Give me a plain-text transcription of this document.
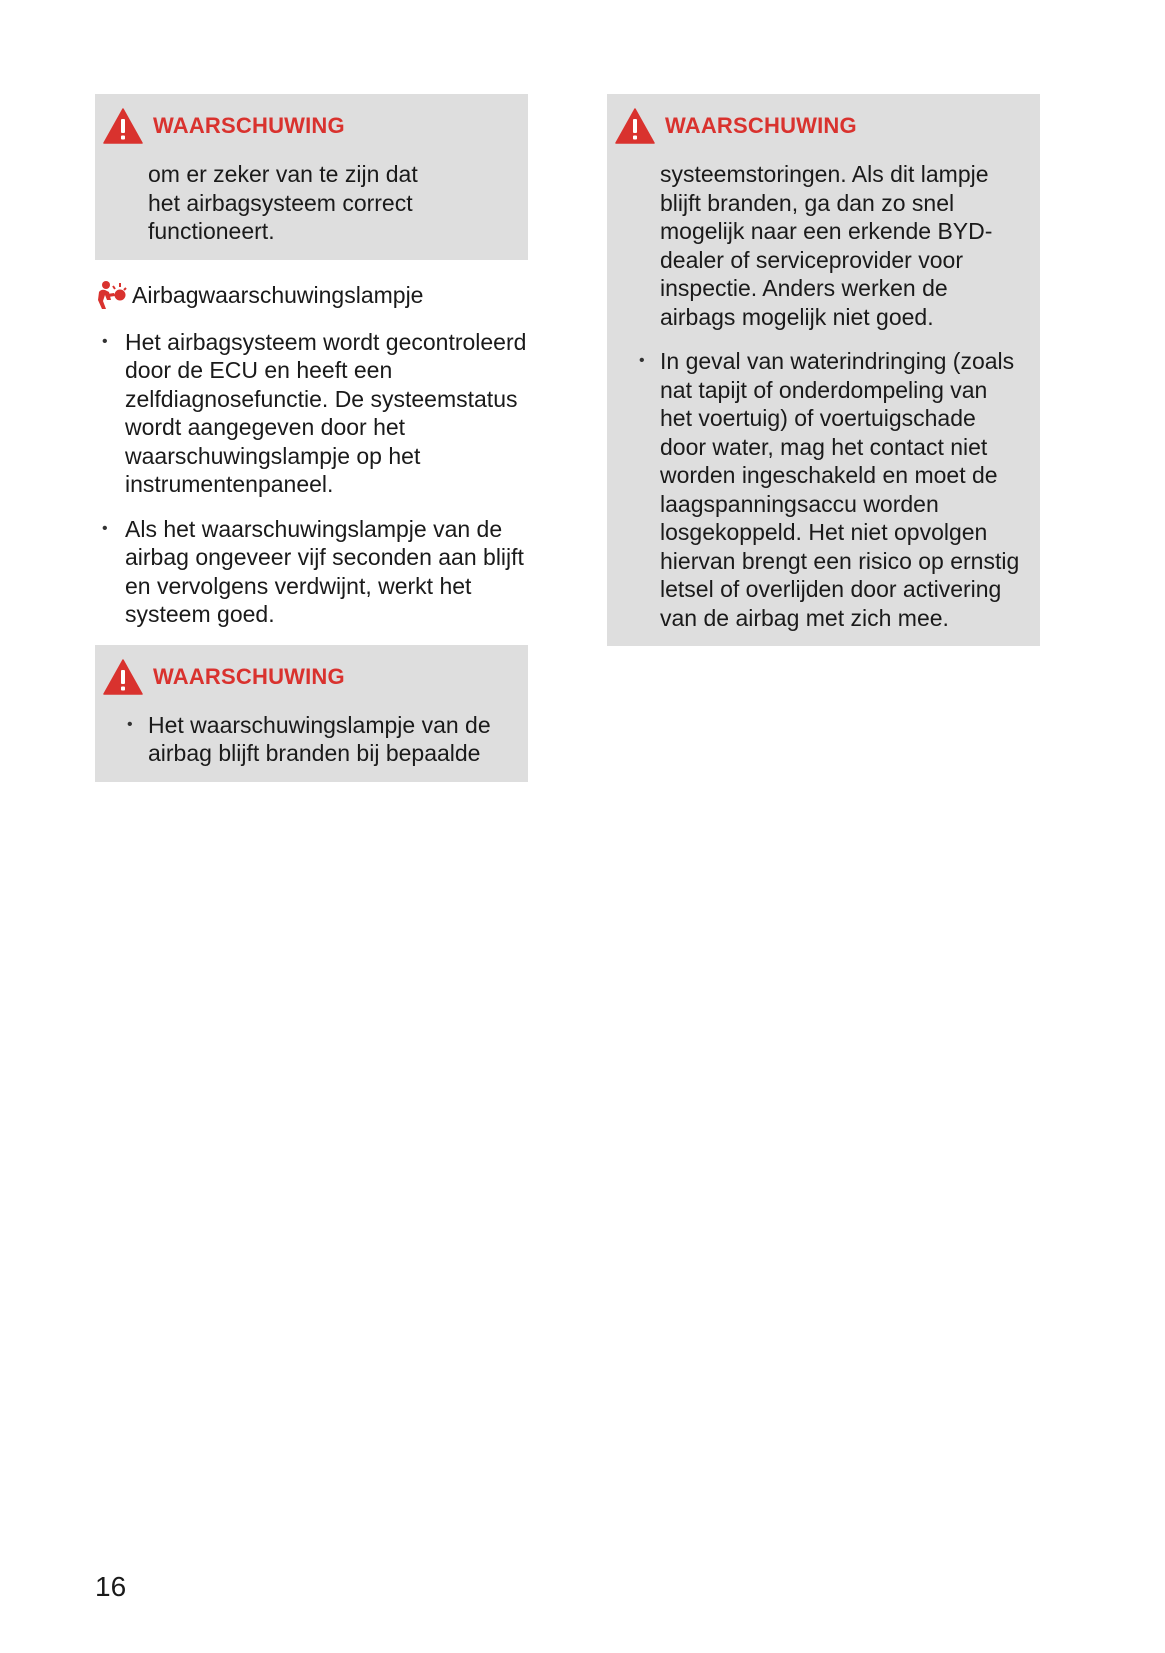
WAARSCHUWING

om er zeker van te zijn dat het airbagsysteem correct functioneert.

Airbagwaarschuwingslampje
• Het airbagsysteem wordt gecontroleerd door de ECU en heeft een zelfdiagnosefunctie. De systeemstatus wordt aangegeven door het waarschuwingslampje op het instrumentenpaneel.
• Als het waarschuwingslampje van de airbag ongeveer vijf seconden aan blijft en vervolgens verdwijnt, werkt het systeem goed.
WAARSCHUWING
• Het waarschuwingslampje van de airbag blijft branden bij bepaalde
WAARSCHUWING

systeemstoringen. Als dit lampje blijft branden, ga dan zo snel mogelijk naar een erkende BYD-dealer of serviceprovider voor inspectie. Anders werken de airbags mogelijk niet goed.

• In geval van waterindringing (zoals nat tapijt of onderdompeling van het voertuig) of voertuigschade door water, mag het contact niet worden ingeschakeld en moet de laagspanningsaccu worden losgekoppeld. Het niet opvolgen hiervan brengt een risico op ernstig letsel of overlijden door activering van de airbag met zich mee.
16
